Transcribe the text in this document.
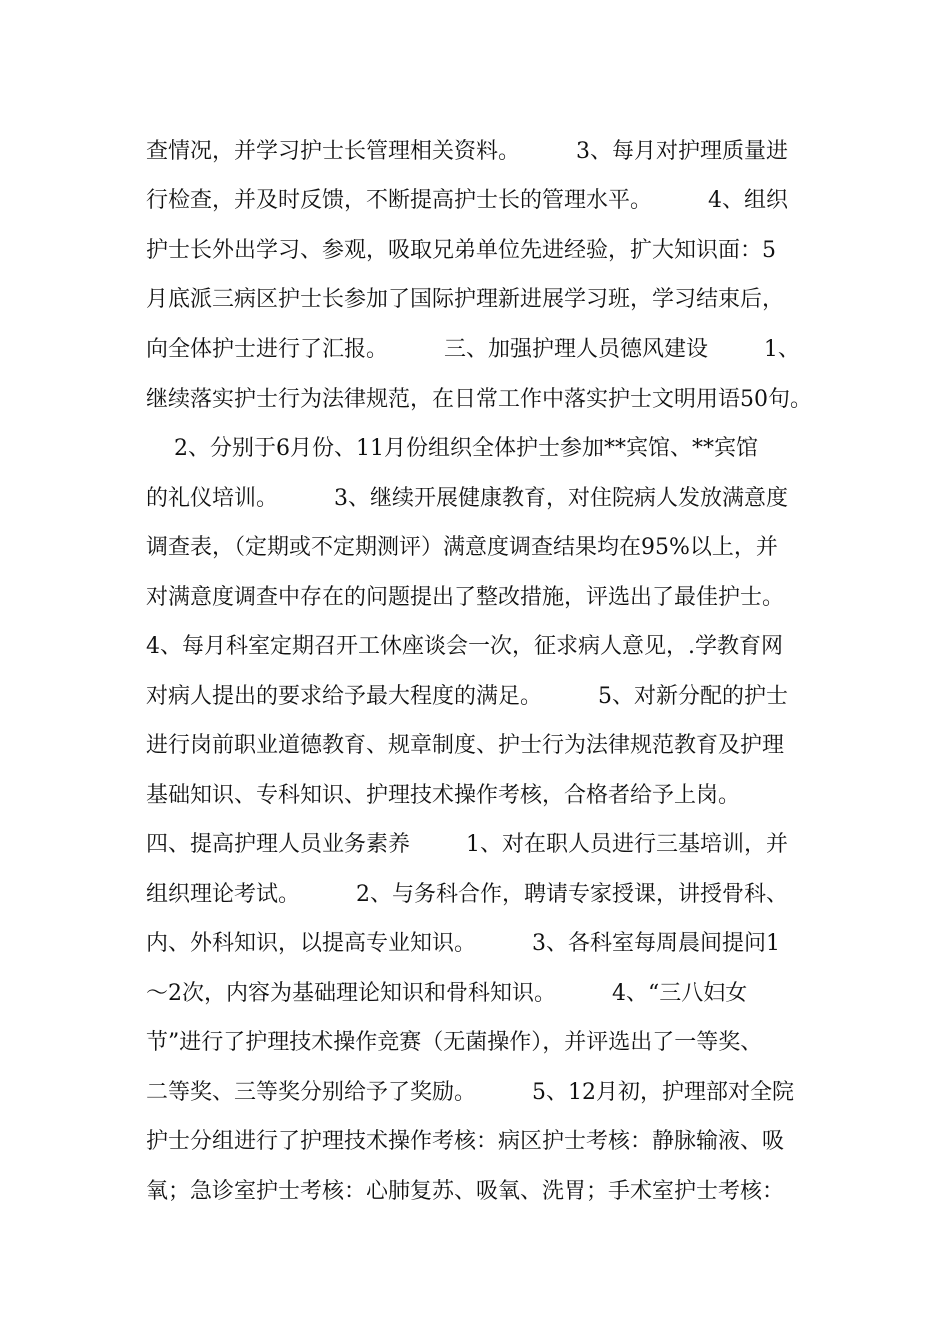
查情况，并学习护士长管理相关资料。        3、每月对护理质量进
行检查，并及时反馈，不断提高护士长的管理水平。        4、组织
护士长外出学习、参观，吸取兄弟单位先进经验，扩大知识面：5
月底派三病区护士长参加了国际护理新进展学习班，学习结束后，
向全体护士进行了汇报。        三、加强护理人员德风建设        1、
继续落实护士行为法律规范，在日常工作中落实护士文明用语50句。
2、分别于6月份、11月份组织全体护士参加**宾馆、**宾馆
的礼仪培训。        3、继续开展健康教育，对住院病人发放满意度
调查表，（定期或不定期测评）满意度调查结果均在95%以上，并
对满意度调查中存在的问题提出了整改措施，评选出了最佳护士。
4、每月科室定期召开工休座谈会一次，征求病人意见，.学教育网
对病人提出的要求给予最大程度的满足。        5、对新分配的护士
进行岗前职业道德教育、规章制度、护士行为法律规范教育及护理
基础知识、专科知识、护理技术操作考核，合格者给予上岗。
四、提高护理人员业务素养        1、对在职人员进行三基培训，并
组织理论考试。        2、与务科合作，聘请专家授课，讲授骨科、
内、外科知识，以提高专业知识。        3、各科室每周晨间提问1
～2次，内容为基础理论知识和骨科知识。        4、“三八妇女
节”进行了护理技术操作竞赛（无菌操作），并评选出了一等奖、
二等奖、三等奖分别给予了奖励。        5、12月初，护理部对全院
护士分组进行了护理技术操作考核：病区护士考核：静脉输液、吸
氧；急诊室护士考核：心肺复苏、吸氧、洗胃；手术室护士考核：
